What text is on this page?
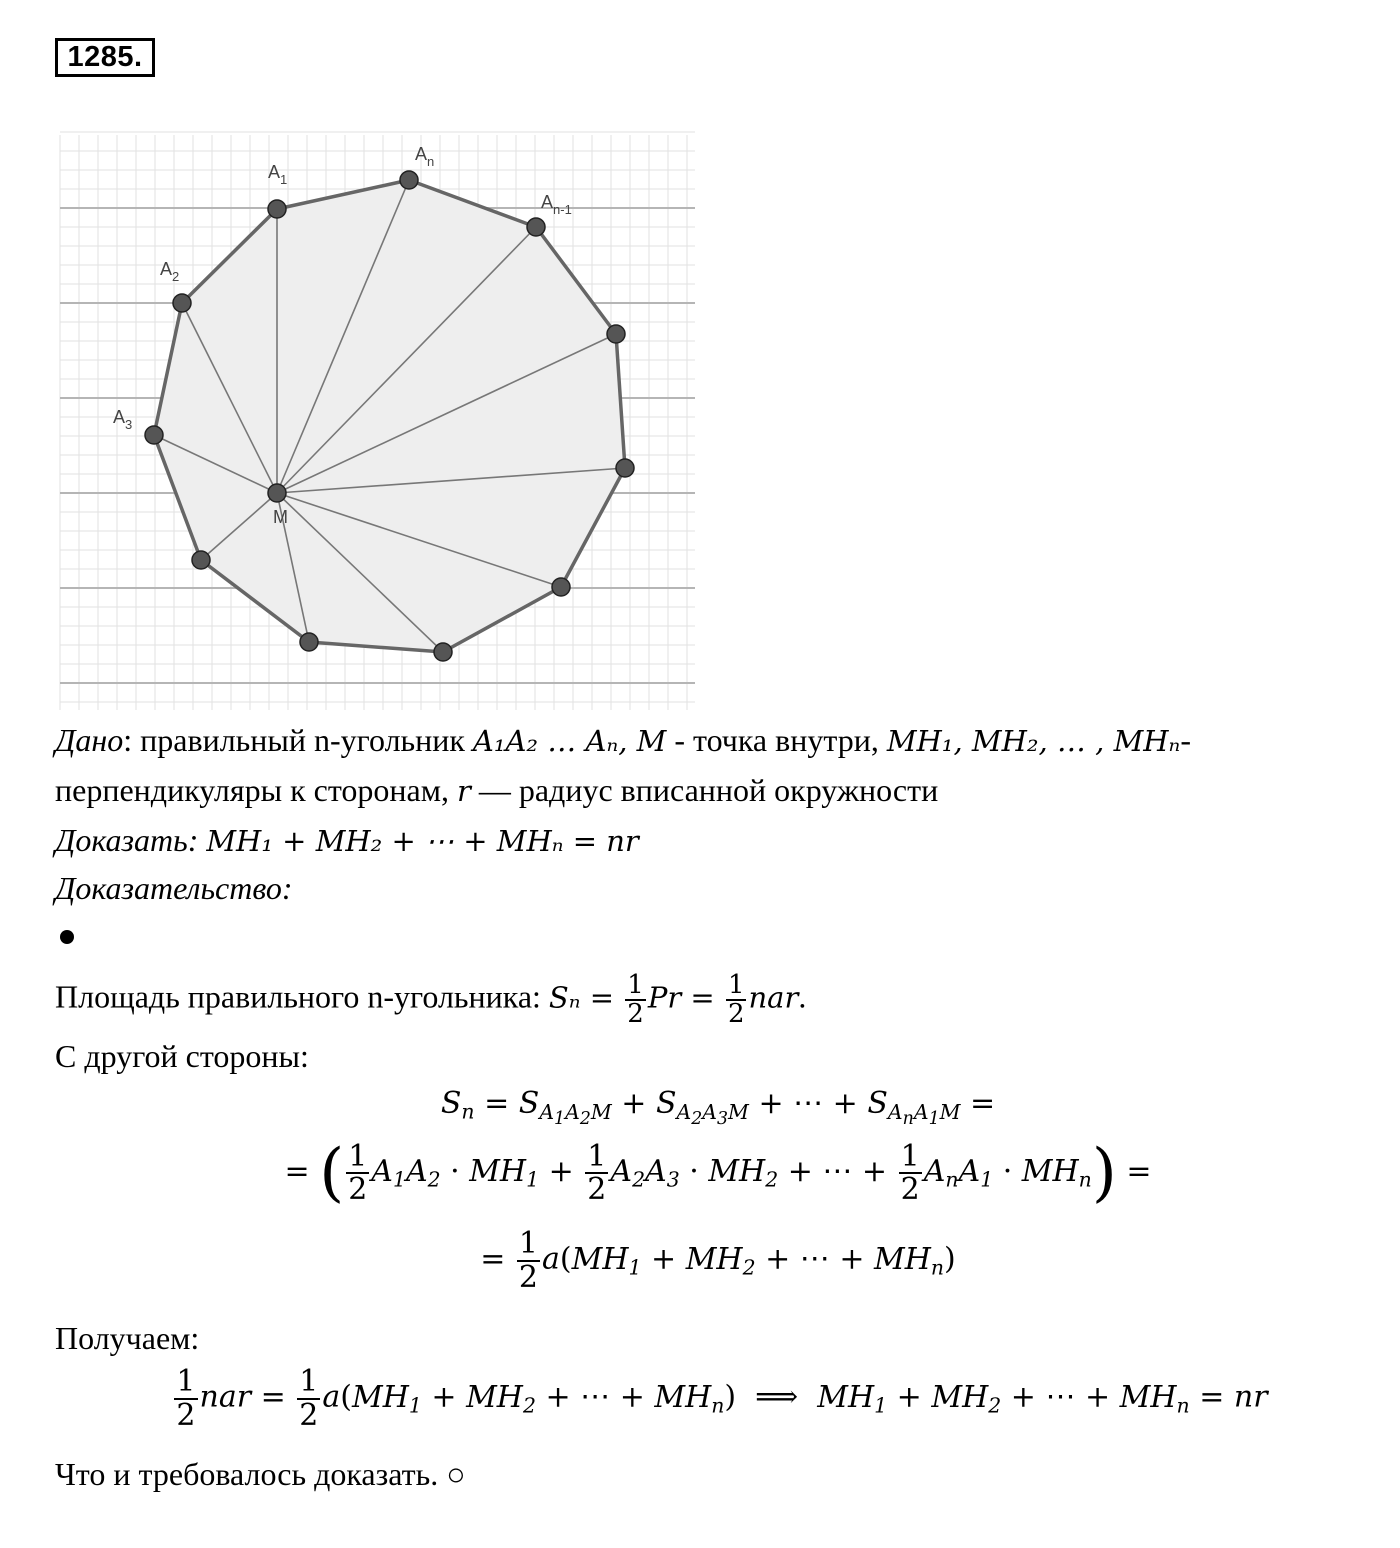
1285.
$A_1$
$A_n$
$A_{n-1}$
$A_2$
$A_3$
M
Дано: правильный n-угольник A₁A₂ … Aₙ, M - точка внутри, MH₁, MH₂, … , MHₙ-
перпендикуляры к сторонам, r — радиус вписанной окружности
Доказать: MH₁ + MH₂ + ⋯ + MHₙ = nr
Доказательство:
Площадь правильного n-угольника: $S_n = \frac{1}{2}$ $Pr = \frac{1}{2}$ nar.
С другой стороны:
$S_n = S_{A_1A_2M} + S_{A_2A_3M}$ + ⋯ + $S_{A_nA_1M}$ =
= ( $\frac{1}{2} A_1A_2 \cdot MH_1 + \frac{1}{2} A_2A_3 \cdot MH_2$ + ⋯ + $\frac{1}{2} A_nA_1 \cdot MH_n$) =
= $\frac{1}{2} a(MH_1 + MH_2$ + ⋯ + $MH_n$)
Получаем:
$\frac{1}{2}$ nar = $\frac{1}{2} a(MH_1 + MH_2$ + ⋯ + $MH_n$)  ⟹  $MH_1 + MH_2$ + ⋯ + $MH_n$ = nr
Что и требовалось доказать. ○
